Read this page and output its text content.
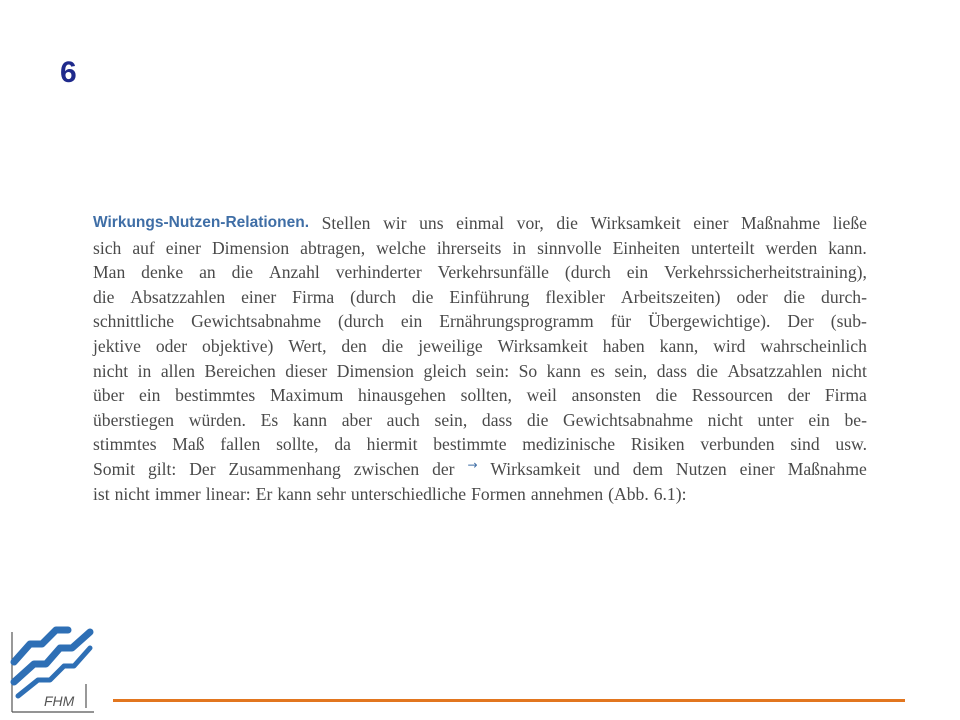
6
Wirkungs-Nutzen-Relationen. Stellen wir uns einmal vor, die Wirksamkeit einer Maßnahme ließe
sich auf einer Dimension abtragen, welche ihrerseits in sinnvolle Einheiten unterteilt werden kann.
Man denke an die Anzahl verhinderter Verkehrsunfälle (durch ein Verkehrssicherheitstraining),
die Absatzzahlen einer Firma (durch die Einführung flexibler Arbeitszeiten) oder die durch-
schnittliche Gewichtsabnahme (durch ein Ernährungsprogramm für Übergewichtige). Der (sub-
jektive oder objektive) Wert, den die jeweilige Wirksamkeit haben kann, wird wahrscheinlich
nicht in allen Bereichen dieser Dimension gleich sein: So kann es sein, dass die Absatzzahlen nicht
über ein bestimmtes Maximum hinausgehen sollten, weil ansonsten die Ressourcen der Firma
überstiegen würden. Es kann aber auch sein, dass die Gewichtsabnahme nicht unter ein be-
stimmtes Maß fallen sollte, da hiermit bestimmte medizinische Risiken verbunden sind usw.
Somit gilt: Der Zusammenhang zwischen der → Wirksamkeit und dem Nutzen einer Maßnahme
ist nicht immer linear: Er kann sehr unterschiedliche Formen annehmen (Abb. 6.1):
FHM
